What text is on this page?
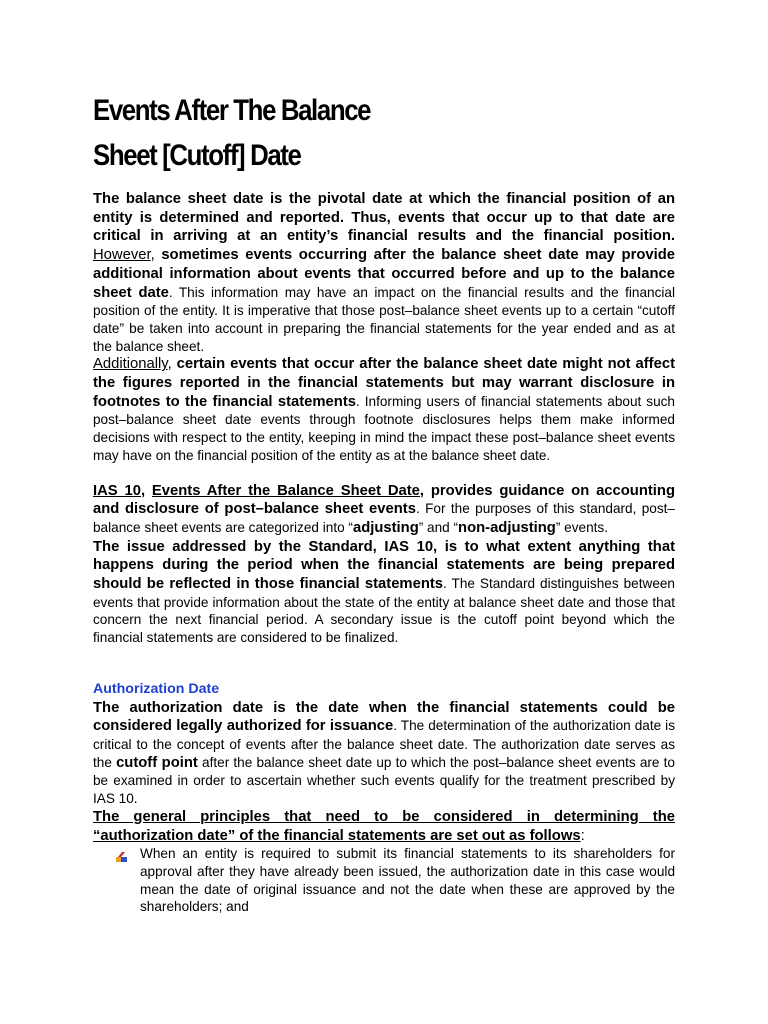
Events After The Balance
Sheet [Cutoff] Date

The balance sheet date is the pivotal date at which the financial position of an entity is determined and reported. Thus, events that occur up to that date are critical in arriving at an entity’s financial results and the financial position. However, sometimes events occurring after the balance sheet date may provide additional information about events that occurred before and up to the balance sheet date. This information may have an impact on the financial results and the financial position of the entity. It is imperative that those post–balance sheet events up to a certain “cutoff date” be taken into account in preparing the financial statements for the year ended and as at the balance sheet.

Additionally, certain events that occur after the balance sheet date might not affect the figures reported in the financial statements but may warrant disclosure in footnotes to the financial statements. Informing users of financial statements about such post–balance sheet date events through footnote disclosures helps them make informed decisions with respect to the entity, keeping in mind the impact these post–balance sheet events may have on the financial position of the entity as at the balance sheet date.

IAS 10, Events After the Balance Sheet Date, provides guidance on accounting and disclosure of post–balance sheet events. For the purposes of this standard, post–balance sheet events are categorized into “adjusting” and “non-adjusting” events.

The issue addressed by the Standard, IAS 10, is to what extent anything that happens during the period when the financial statements are being prepared should be reflected in those financial statements. The Standard distinguishes between events that provide information about the state of the entity at balance sheet date and those that concern the next financial period. A secondary issue is the cutoff point beyond which the financial statements are considered to be finalized.

Authorization Date

The authorization date is the date when the financial statements could be considered legally authorized for issuance. The determination of the authorization date is critical to the concept of events after the balance sheet date. The authorization date serves as the cutoff point after the balance sheet date up to which the post–balance sheet events are to be examined in order to ascertain whether such events qualify for the treatment prescribed by IAS 10.

The general principles that need to be considered in determining the “authorization date” of the financial statements are set out as follows:

When an entity is required to submit its financial statements to its shareholders for approval after they have already been issued, the authorization date in this case would mean the date of original issuance and not the date when these are approved by the shareholders; and
